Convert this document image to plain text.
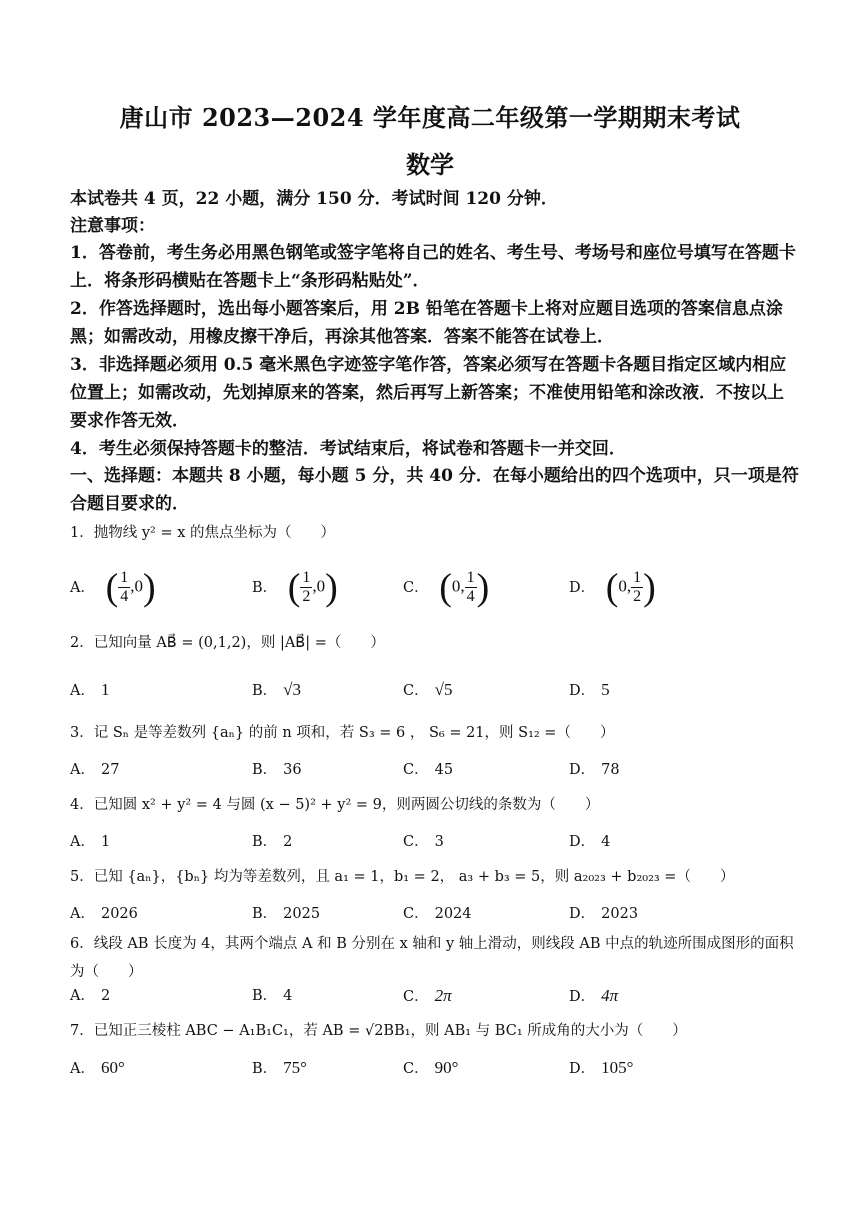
唐山市 2023—2024 学年度高二年级第一学期期末考试
数学
本试卷共 4 页，22 小题，满分 150 分．考试时间 120 分钟．
注意事项：
1．答卷前，考生务必用黑色钢笔或签字笔将自己的姓名、考生号、考场号和座位号填写在答题卡上．将条形码横贴在答题卡上“条形码粘贴处”．
2．作答选择题时，选出每小题答案后，用 2B 铅笔在答题卡上将对应题目选项的答案信息点涂黑；如需改动，用橡皮擦干净后，再涂其他答案．答案不能答在试卷上．
3．非选择题必须用 0.5 毫米黑色字迹签字笔作答，答案必须写在答题卡各题目指定区域内相应位置上；如需改动，先划掉原来的答案，然后再写上新答案；不准使用铅笔和涂改液．不按以上要求作答无效．
4．考生必须保持答题卡的整洁．考试结束后，将试卷和答题卡一并交回．
一、选择题：本题共 8 小题，每小题 5 分，共 40 分．在每小题给出的四个选项中，只一项是符合题目要求的．
1．抛物线 y² = x 的焦点坐标为（　　）
A． ( $\frac{1}{4} ,0$)	B． ( $\frac{1}{2} ,0$)	C． (0, $\frac{1}{4}$ )	D． (0, $\frac{1}{2}$ )
2．已知向量 AB⃗ = (0,1,2)，则 |AB⃗| =（　　）
A． 1	B． √3	C． √5	D． 5
3．记 Sₙ 是等差数列 {aₙ} 的前 n 项和，若 S₃ = 6 ， S₆ = 21，则 S₁₂ =（　　）
A． 27	B． 36	C． 45	D． 78
4．已知圆 x² + y² = 4 与圆 (x − 5)² + y² = 9，则两圆公切线的条数为（　　）
A． 1	B． 2	C． 3	D． 4
5．已知 {aₙ}，{bₙ} 均为等差数列，且 a₁ = 1，b₁ = 2， a₃ + b₃ = 5，则 a₂₀₂₃ + b₂₀₂₃ =（　　）
A． 2026	B． 2025	C． 2024	D． 2023
6．线段 AB 长度为 4，其两个端点 A 和 B 分别在 x 轴和 y 轴上滑动，则线段 AB 中点的轨迹所围成图形的面积为（　　）
A． 2	B． 4	C． 2π	D． 4π
7．已知正三棱柱 ABC − A₁B₁C₁，若 AB = √2BB₁，则 AB₁ 与 BC₁ 所成角的大小为（　　）
A． 60°	B． 75°	C． 90°	D． 105°
